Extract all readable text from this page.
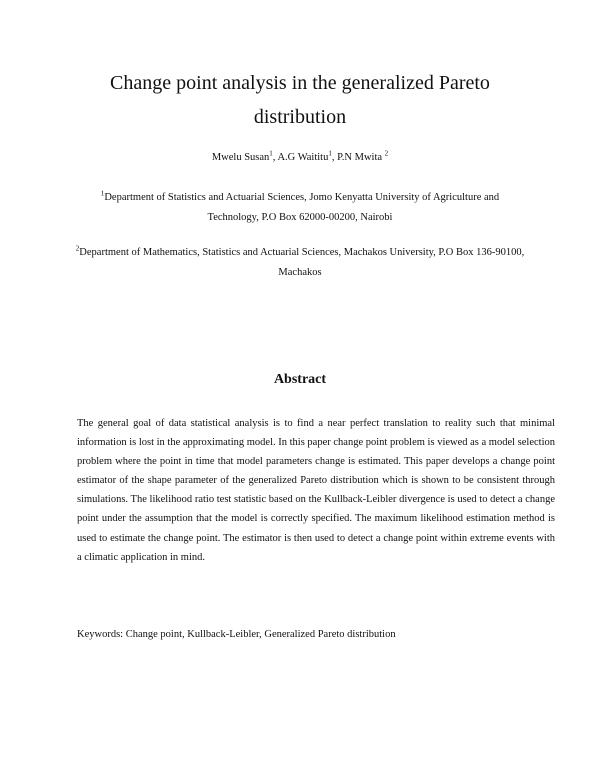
Change point analysis in the generalized Pareto
distribution
Mwelu Susan$^1$, A.G Waititu$^1$, P.N Mwita $^2$
$^1$Department of Statistics and Actuarial Sciences, Jomo Kenyatta University of Agriculture and
Technology, P.O Box 62000-00200, Nairobi
$^2$Department of Mathematics, Statistics and Actuarial Sciences, Machakos University, P.O Box 136-90100,
Machakos
Abstract

The general goal of data statistical analysis is to find a near perfect translation to reality such that minimal information is lost in the approximating model. In this paper change point problem is viewed as a model selection problem where the point in time that model parameters change is estimated. This paper develops a change point estimator of the shape parameter of the generalized Pareto distribution which is shown to be consistent through simulations. The likelihood ratio test statistic based on the Kullback-Leibler divergence is used to detect a change point under the assumption that the model is correctly specified. The maximum likelihood estimation method is used to estimate the change point. The estimator is then used to detect a change point within extreme events with a climatic application in mind.

Keywords: Change point, Kullback-Leibler, Generalized Pareto distribution
